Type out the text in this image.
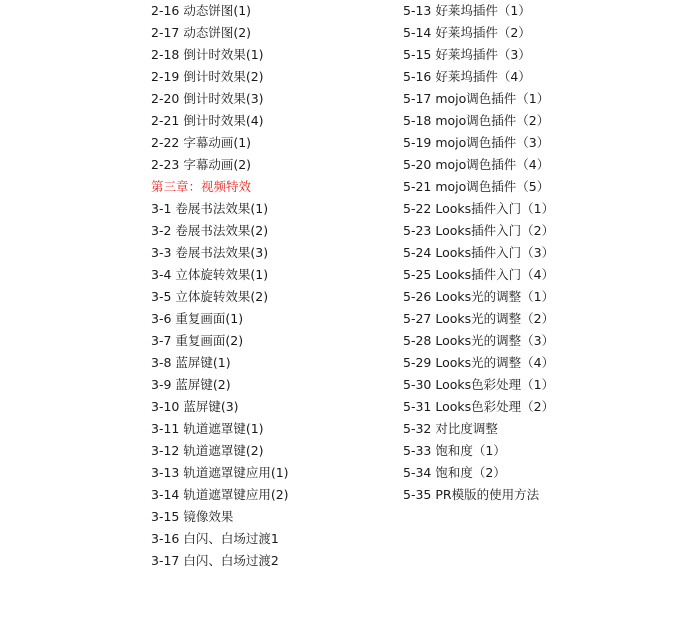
2-16 动态饼图(1)
2-17 动态饼图(2)
2-18 倒计时效果(1)
2-19 倒计时效果(2)
2-20 倒计时效果(3)
2-21 倒计时效果(4)
2-22 字幕动画(1)
2-23 字幕动画(2)
第三章：视频特效
3-1 卷展书法效果(1)
3-2 卷展书法效果(2)
3-3 卷展书法效果(3)
3-4 立体旋转效果(1)
3-5 立体旋转效果(2)
3-6 重复画面(1)
3-7 重复画面(2)
3-8 蓝屏键(1)
3-9 蓝屏键(2)
3-10 蓝屏键(3)
3-11 轨道遮罩键(1)
3-12 轨道遮罩键(2)
3-13 轨道遮罩键应用(1)
3-14 轨道遮罩键应用(2)
3-15 镜像效果
3-16 白闪、白场过渡1
3-17 白闪、白场过渡2
5-13 好莱坞插件（1）
5-14 好莱坞插件（2）
5-15 好莱坞插件（3）
5-16 好莱坞插件（4）
5-17 mojo调色插件（1）
5-18 mojo调色插件（2）
5-19 mojo调色插件（3）
5-20 mojo调色插件（4）
5-21 mojo调色插件（5）
5-22 Looks插件入门（1）
5-23 Looks插件入门（2）
5-24 Looks插件入门（3）
5-25 Looks插件入门（4）
5-26 Looks光的调整（1）
5-27 Looks光的调整（2）
5-28 Looks光的调整（3）
5-29 Looks光的调整（4）
5-30 Looks色彩处理（1）
5-31 Looks色彩处理（2）
5-32 对比度调整
5-33 饱和度（1）
5-34 饱和度（2）
5-35 PR模版的使用方法
